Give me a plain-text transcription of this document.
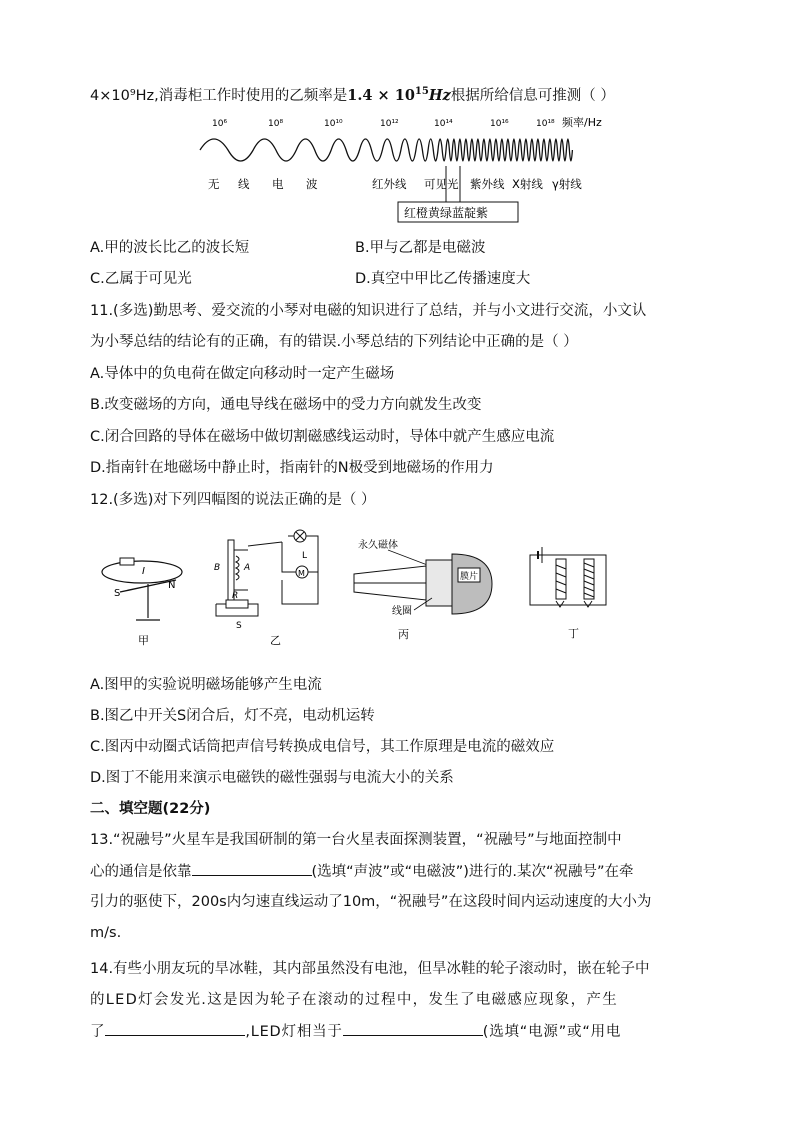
4×10⁹Hz,消毒柜工作时使用的乙频率是$1.4 \times 10^{15}Hz$根据所给信息可推测（ ）
10⁶	10⁸	10¹⁰	10¹²	10¹⁴	10¹⁶	10¹⁸ 频率/Hz
无 线 电 波	红外线 可见光 紫外线 X射线 γ射线
红橙黄绿蓝靛紫
A.甲的波长比乙的波长短	B.甲与乙都是电磁波
C.乙属于可见光	D.真空中甲比乙传播速度大
11.(多选)勤思考、爱交流的小琴对电磁的知识进行了总结，并与小文进行交流，小文认
为小琴总结的结论有的正确，有的错误.小琴总结的下列结论中正确的是（ ）
A.导体中的负电荷在做定向移动时一定产生磁场
B.改变磁场的方向，通电导线在磁场中的受力方向就发生改变
C.闭合回路的导体在磁场中做切割磁感线运动时，导体中就产生感应电流
D.指南针在地磁场中静止时，指南针的N极受到地磁场的作用力
12.(多选)对下列四幅图的说法正确的是（ ）
I
S
N
甲
L
M
B	A
R
S
乙
永久磁体
膜片
线圈
丙	丁
A.图甲的实验说明磁场能够产生电流
B.图乙中开关S闭合后，灯不亮，电动机运转
C.图丙中动圈式话筒把声信号转换成电信号，其工作原理是电流的磁效应
D.图丁不能用来演示电磁铁的磁性强弱与电流大小的关系
二、填空题(22分)
13.“祝融号”火星车是我国研制的第一台火星表面探测装置，“祝融号”与地面控制中
心的通信是依靠	(选填“声波”或“电磁波”)进行的.某次“祝融号”在牵
引力的驱使下，200s内匀速直线运动了10m，“祝融号”在这段时间内运动速度的大小为
m/s.
14.有些小朋友玩的旱冰鞋，其内部虽然没有电池，但旱冰鞋的轮子滚动时，嵌在轮子中
的LED灯会发光.这是因为轮子在滚动的过程中，发生了电磁感应现象，产生
了	,LED灯相当于	(选填“电源”或“用电
